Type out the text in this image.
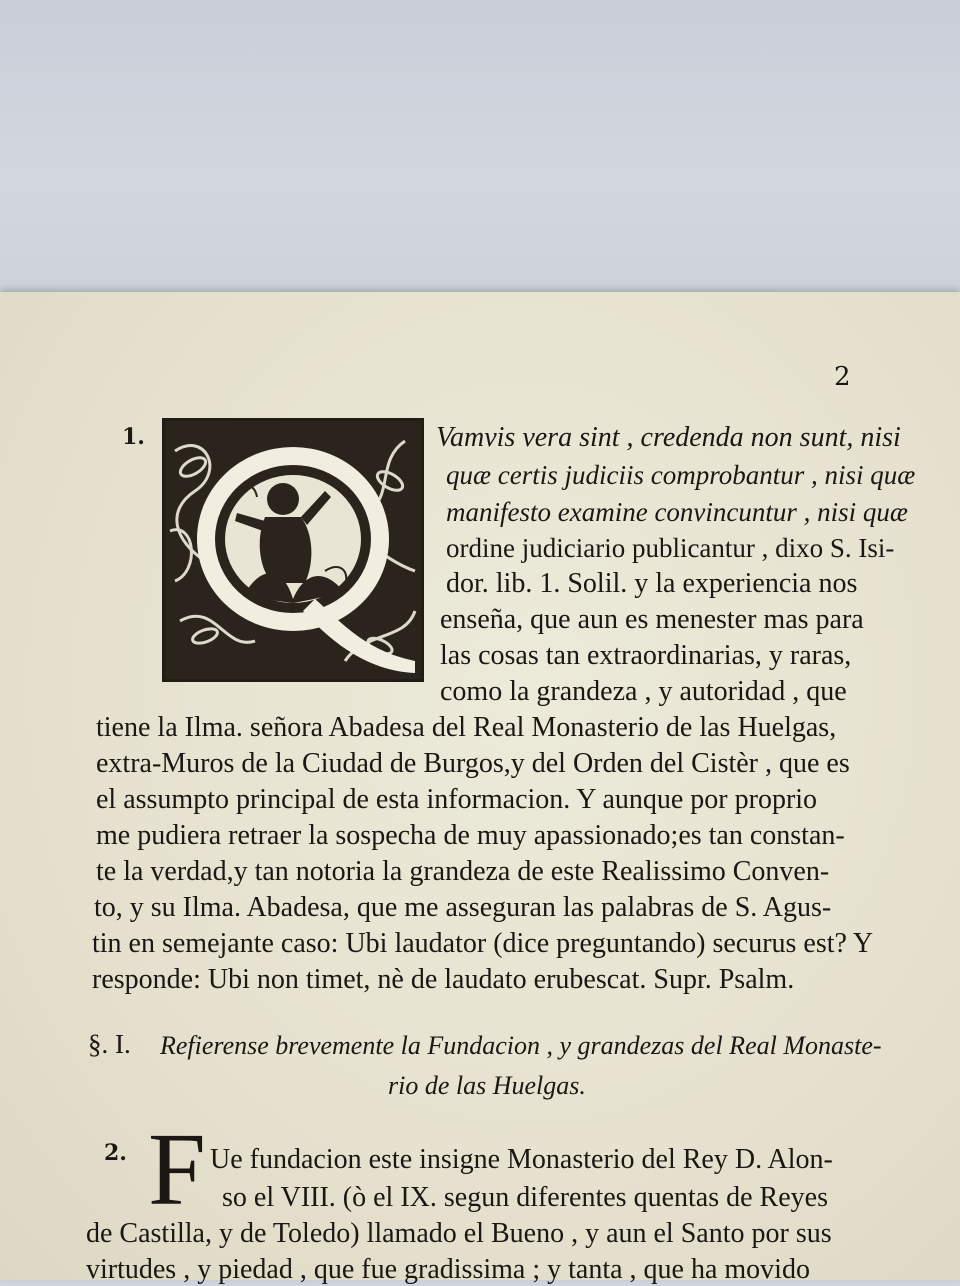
2
1.	Vamvis vera sint , credenda non sunt, nisi
quæ certis judiciis comprobantur , nisi quæ
manifesto examine convincuntur , nisi quæ
ordine judiciario publicantur , dixo S. Isi-
dor. lib. 1. Solil. y la experiencia nos
enseña, que aun es menester mas para
las cosas tan extraordinarias, y raras,
como la grandeza , y autoridad , que
tiene la Ilma. señora Abadesa del Real Monasterio de las Huelgas,
extra-Muros de la Ciudad de Burgos,y del Orden del Cistèr , que es
el assumpto principal de esta informacion. Y aunque por proprio
me pudiera retraer la sospecha de muy apassionado;es tan constan-
te la verdad,y tan notoria la grandeza de este Realissimo Conven-
to, y su Ilma. Abadesa, que me asseguran las palabras de S. Agus-
tin en semejante caso: Ubi laudator (dice preguntando) securus est? Y
responde: Ubi non timet, nè de laudato erubescat. Supr. Psalm.
§. I. Refierense brevemente la Fundacion , y grandezas del Real Monaste-
rio de las Huelgas.
2. F Ue fundacion este insigne Monasterio del Rey D. Alon-
so el VIII. (ò el IX. segun diferentes quentas de Reyes
de Castilla, y de Toledo) llamado el Bueno , y aun el Santo por sus
virtudes , y piedad , que fue gradissima ; y tanta , que ha movido
